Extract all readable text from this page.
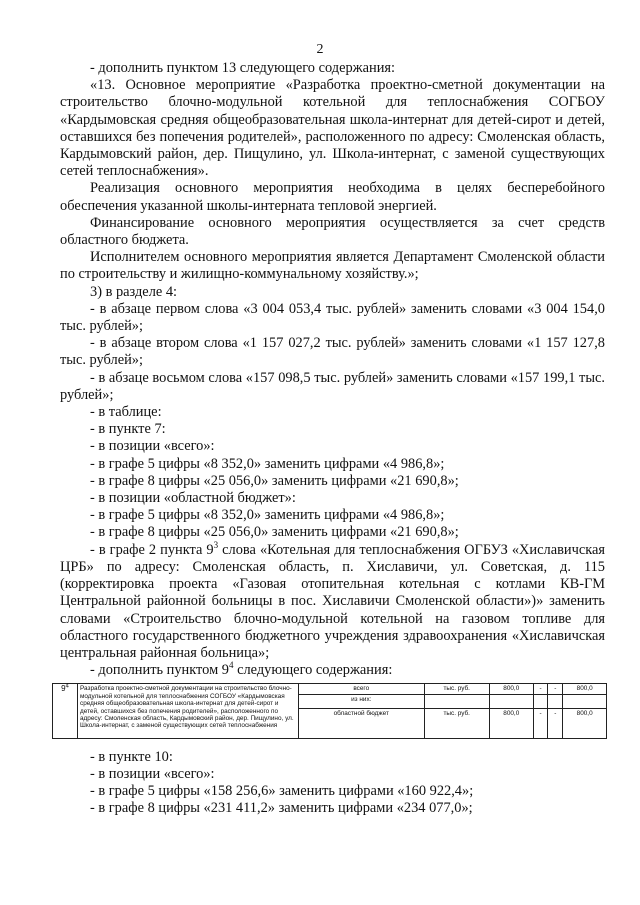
2

- дополнить пунктом 13 следующего содержания:

«13. Основное мероприятие «Разработка проектно-сметной документации на строительство блочно-модульной котельной для теплоснабжения СОГБОУ «Кардымовская средняя общеобразовательная школа-интернат для детей-сирот и детей, оставшихся без попечения родителей», расположенного по адресу: Смоленская область, Кардымовский район, дер. Пищулино, ул. Школа-интернат, с заменой существующих сетей теплоснабжения».

Реализация основного мероприятия необходима в целях бесперебойного обеспечения указанной школы-интерната тепловой энергией.

Финансирование основного мероприятия осуществляется за счет средств областного бюджета.

Исполнителем основного мероприятия является Департамент Смоленской области по строительству и жилищно-коммунальному хозяйству.»;

3) в разделе 4:

- в абзаце первом слова «3 004 053,4 тыс. рублей» заменить словами «3 004 154,0 тыс. рублей»;

- в абзаце втором слова «1 157 027,2 тыс. рублей» заменить словами «1 157 127,8 тыс. рублей»;

- в абзаце восьмом слова «157 098,5 тыс. рублей» заменить словами «157 199,1 тыс. рублей»;

- в таблице:

- в пункте 7:

- в позиции «всего»:

- в графе 5 цифры «8 352,0» заменить цифрами «4 986,8»;

- в графе 8 цифры «25 056,0» заменить цифрами «21 690,8»;

- в позиции «областной бюджет»:

- в графе 5 цифры «8 352,0» заменить цифрами «4 986,8»;

- в графе 8 цифры «25 056,0» заменить цифрами «21 690,8»;

- в графе 2 пункта $9^3$ слова «Котельная для теплоснабжения ОГБУЗ «Хиславичская ЦРБ» по адресу: Смоленская область, п. Хиславичи, ул. Советская, д. 115 (корректировка проекта «Газовая отопительная котельная с котлами КВ-ГМ Центральной районной больницы в пос. Хиславичи Смоленской области»)» заменить словами «Строительство блочно-модульной котельной на газовом топливе для областного государственного бюджетного учреждения здравоохранения «Хиславичская центральная районная больница»;

- дополнить пунктом $9^4$ следующего содержания:

$9^4$	Разработка проектно-сметной документации на строительство блочно-модульной котельной для теплоснабжения СОГБОУ «Кардымовская средняя общеобразовательная школа-интернат для детей-сирот и детей, оставшихся без попечения родителей», расположенного по адресу: Смоленская область, Кардымовский район, дер. Пищулино, ул. Школа-интернат, с заменой существующих сетей теплоснабжения	всего	тыс. руб.	800,0	-	-	800,0
		из них:					
		областной бюджет	тыс. руб.	800,0	-	-	800,0

- в пункте 10:

- в позиции «всего»:

- в графе 5 цифры «158 256,6» заменить цифрами «160 922,4»;

- в графе 8 цифры «231 411,2» заменить цифрами «234 077,0»;
